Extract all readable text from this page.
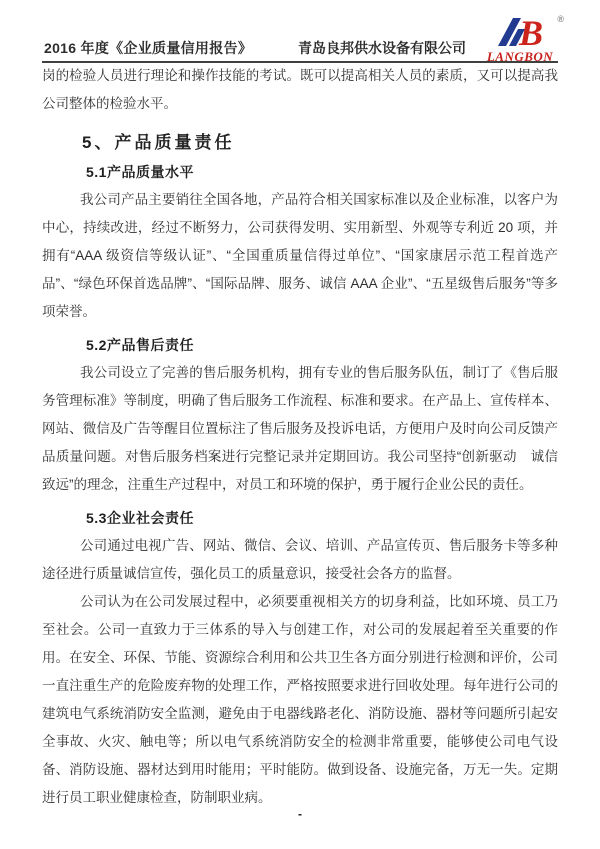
2016 年度《企业质量信用报告》	青岛良邦供水设备有限公司 B ®
LANGBON

岗的检验人员进行理论和操作技能的考试。既可以提高相关人员的素质，又可以提高我公司整体的检验水平。

5、产品质量责任
5.1产品质量水平

我公司产品主要销往全国各地，产品符合相关国家标准以及企业标准，以客户为中心，持续改进，经过不断努力，公司获得发明、实用新型、外观等专利近 20 项，并拥有“AAA 级资信等级认证”、“全国重质量信得过单位”、“国家康居示范工程首选产品”、“绿色环保首选品牌”、“国际品牌、服务、诚信 AAA 企业”、“五星级售后服务”等多项荣誉。

5.2产品售后责任

我公司设立了完善的售后服务机构，拥有专业的售后服务队伍，制订了《售后服务管理标准》等制度，明确了售后服务工作流程、标准和要求。在产品上、宣传样本、网站、微信及广告等醒目位置标注了售后服务及投诉电话，方便用户及时向公司反馈产品质量问题。对售后服务档案进行完整记录并定期回访。我公司坚持“创新驱动　诚信致远”的理念，注重生产过程中，对员工和环境的保护，勇于履行企业公民的责任。

5.3企业社会责任

公司通过电视广告、网站、微信、会议、培训、产品宣传页、售后服务卡等多种途径进行质量诚信宣传，强化员工的质量意识，接受社会各方的监督。

公司认为在公司发展过程中，必须要重视相关方的切身利益，比如环境、员工乃至社会。公司一直致力于三体系的导入与创建工作，对公司的发展起着至关重要的作用。在安全、环保、节能、资源综合利用和公共卫生各方面分别进行检测和评价，公司一直注重生产的危险废弃物的处理工作，严格按照要求进行回收处理。每年进行公司的建筑电气系统消防安全监测，避免由于电器线路老化、消防设施、器材等问题所引起安全事故、火灾、触电等；所以电气系统消防安全的检测非常重要，能够使公司电气设备、消防设施、器材达到用时能用；平时能防。做到设备、设施完备，万无一失。定期进行员工职业健康检查，防制职业病。

-
